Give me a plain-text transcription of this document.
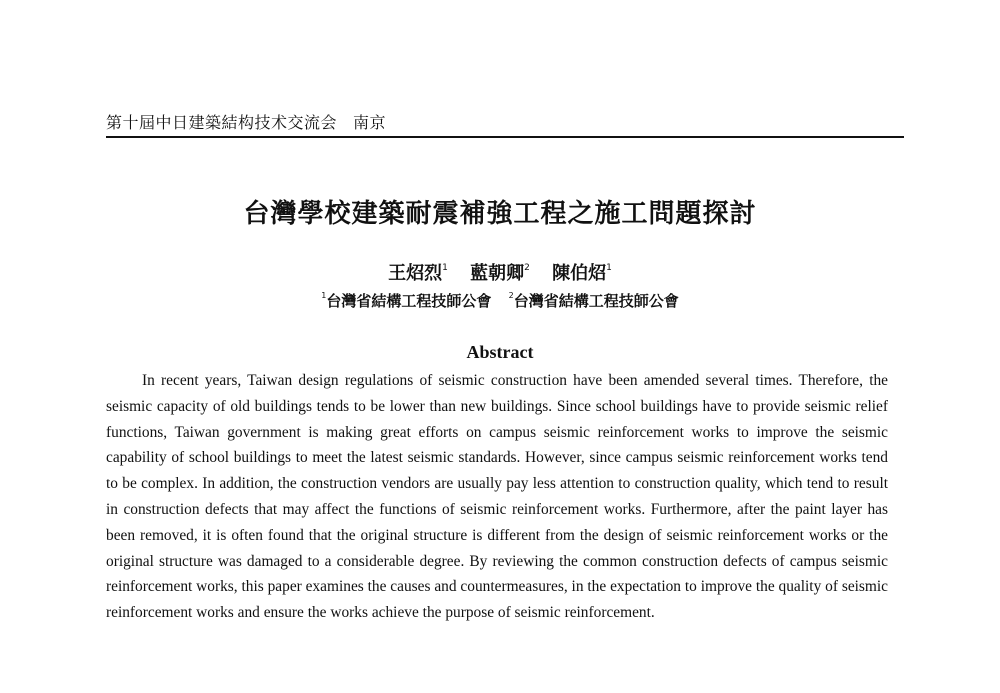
第十屆中日建築結构技术交流会 南京
台灣學校建築耐震補強工程之施工問題探討
王炤烈$^1$ 藍朝卿$^2$ 陳伯炤$^1$
$^1$台灣省結構工程技師公會 $^2$台灣省結構工程技師公會
Abstract

In recent years, Taiwan design regulations of seismic construction have been amended several times. Therefore, the seismic capacity of old buildings tends to be lower than new buildings. Since school buildings have to provide seismic relief functions, Taiwan government is making great efforts on campus seismic reinforcement works to improve the seismic capability of school buildings to meet the latest seismic standards. However, since campus seismic reinforcement works tend to be complex. In addition, the construction vendors are usually pay less attention to construction quality, which tend to result in construction defects that may affect the functions of seismic reinforcement works. Furthermore, after the paint layer has been removed, it is often found that the original structure is different from the design of seismic reinforcement works or the original structure was damaged to a considerable degree. By reviewing the common construction defects of campus seismic reinforcement works, this paper examines the causes and countermeasures, in the expectation to improve the quality of seismic reinforcement works and ensure the works achieve the purpose of seismic reinforcement.
